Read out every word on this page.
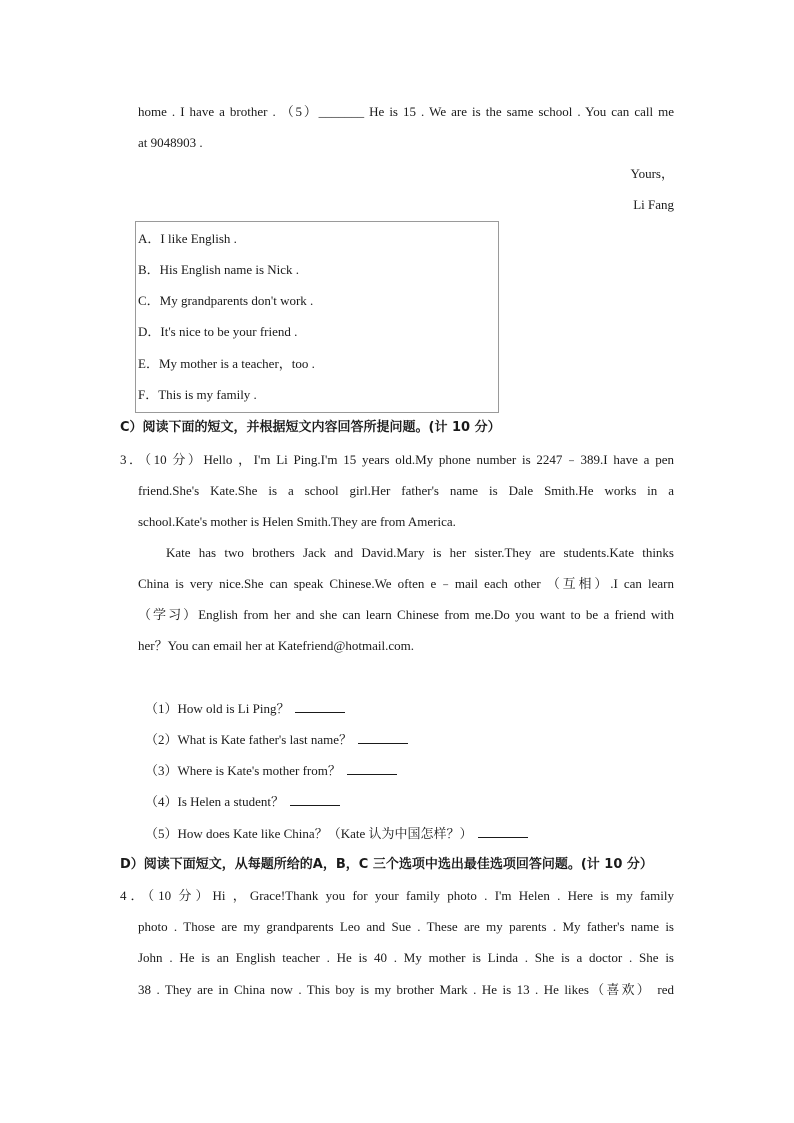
home . I have a brother . （5）_______ He is 15 . We are is the same school . You can call me
at 9048903 .
Yours，
Li Fang
A．I like English .
B．His English name is Nick .
C．My grandparents don't work .
D．It's nice to be your friend .
E．My mother is a teacher，too .
F．This is my family .
C）阅读下面的短文，并根据短文内容回答所提问题。(计 10 分）
3．（10 分）Hello ，I'm Li Ping.I'm 15 years old.My phone number is 2247﹣389.I have a pen
friend.She's Kate.She is a school girl.Her father's name is Dale Smith.He works in a
school.Kate's mother is Helen Smith.They are from America.
Kate has two brothers Jack and David.Mary is her sister.They are students.Kate thinks
China is very nice.She can speak Chinese.We often e﹣mail each other （互相）.I can learn
（学习）English from her and she can learn Chinese from me.Do you want to be a friend with
her？You can email her at Katefriend@hotmail.com.
（1）How old is Li Ping？
（2）What is Kate father's last name？
（3）Where is Kate's mother from？
（4）Is Helen a student？
（5）How does Kate like China？（Kate 认为中国怎样？）
D）阅读下面短文，从每题所给的A，B，C 三个选项中选出最佳选项回答问题。(计 10 分）
4．（10 分）Hi ，Grace!Thank you for your family photo . I'm Helen . Here is my family
photo . Those are my grandparents Leo and Sue . These are my parents . My father's name is
John . He is an English teacher . He is 40 . My mother is Linda . She is a doctor . She is
38 . They are in China now . This boy is my brother Mark . He is 13 . He likes（喜欢） red
